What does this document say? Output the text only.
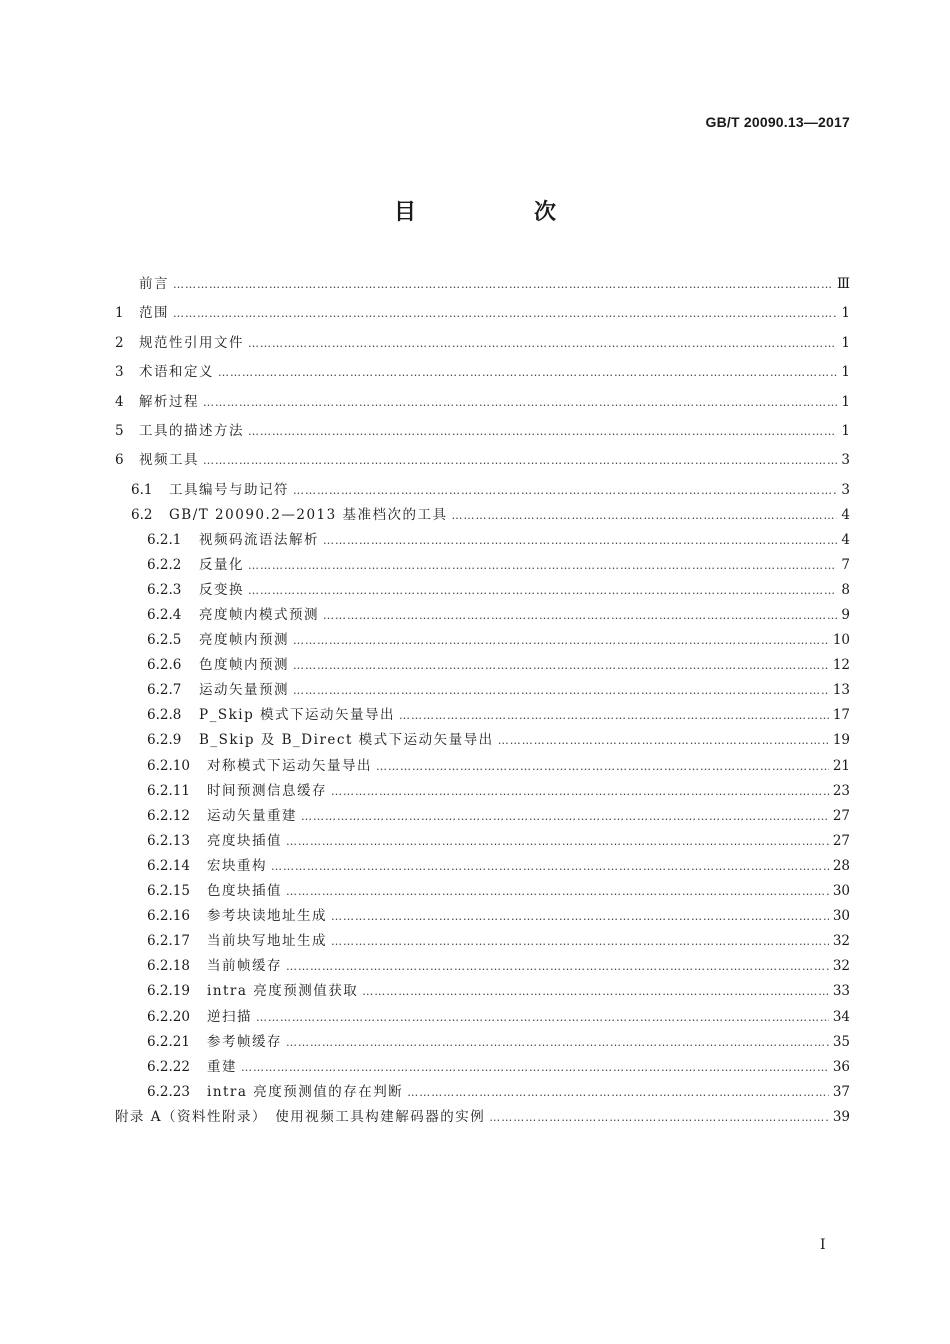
GB/T 20090.13—2017
目　次
前言 …………………………………………………………………………………………………………………………………………………………………………………………………………	Ⅲ
1	范围 …………………………………………………………………………………………………………………………………………………………………………………………………………	1
2	规范性引用文件 …………………………………………………………………………………………………………………………………………………………………………………………………………	1
3	术语和定义 …………………………………………………………………………………………………………………………………………………………………………………………………………	1
4	解析过程 …………………………………………………………………………………………………………………………………………………………………………………………………………	1
5	工具的描述方法 …………………………………………………………………………………………………………………………………………………………………………………………………………	1
6	视频工具 …………………………………………………………………………………………………………………………………………………………………………………………………………	3
6.1	工具编号与助记符 …………………………………………………………………………………………………………………………………………………………………………………………………………	3
6.2	GB/T 20090.2—2013 基准档次的工具 …………………………………………………………………………………………………………………………………………………………………………………………………………	4
6.2.1	视频码流语法解析 …………………………………………………………………………………………………………………………………………………………………………………………………………	4
6.2.2	反量化 …………………………………………………………………………………………………………………………………………………………………………………………………………	7
6.2.3	反变换 …………………………………………………………………………………………………………………………………………………………………………………………………………	8
6.2.4	亮度帧内模式预测 …………………………………………………………………………………………………………………………………………………………………………………………………………	9
6.2.5	亮度帧内预测 …………………………………………………………………………………………………………………………………………………………………………………………………………	10
6.2.6	色度帧内预测 …………………………………………………………………………………………………………………………………………………………………………………………………………	12
6.2.7	运动矢量预测 …………………………………………………………………………………………………………………………………………………………………………………………………………	13
6.2.8	P_Skip 模式下运动矢量导出 …………………………………………………………………………………………………………………………………………………………………………………………………………	17
6.2.9	B_Skip 及 B_Direct 模式下运动矢量导出 …………………………………………………………………………………………………………………………………………………………………………………………………………	19
6.2.10	对称模式下运动矢量导出 …………………………………………………………………………………………………………………………………………………………………………………………………………	21
6.2.11	时间预测信息缓存 …………………………………………………………………………………………………………………………………………………………………………………………………………	23
6.2.12	运动矢量重建 …………………………………………………………………………………………………………………………………………………………………………………………………………	27
6.2.13	亮度块插值 …………………………………………………………………………………………………………………………………………………………………………………………………………	27
6.2.14	宏块重构 …………………………………………………………………………………………………………………………………………………………………………………………………………	28
6.2.15	色度块插值 …………………………………………………………………………………………………………………………………………………………………………………………………………	30
6.2.16	参考块读地址生成 …………………………………………………………………………………………………………………………………………………………………………………………………………	30
6.2.17	当前块写地址生成 …………………………………………………………………………………………………………………………………………………………………………………………………………	32
6.2.18	当前帧缓存 …………………………………………………………………………………………………………………………………………………………………………………………………………	32
6.2.19	intra 亮度预测值获取 …………………………………………………………………………………………………………………………………………………………………………………………………………	33
6.2.20	逆扫描 …………………………………………………………………………………………………………………………………………………………………………………………………………	34
6.2.21	参考帧缓存 …………………………………………………………………………………………………………………………………………………………………………………………………………	35
6.2.22	重建 …………………………………………………………………………………………………………………………………………………………………………………………………………	36
6.2.23	intra 亮度预测值的存在判断 …………………………………………………………………………………………………………………………………………………………………………………………………………	37
附录 A（资料性附录）　使用视频工具构建解码器的实例 …………………………………………………………………………………………………………………………………………………………………………………………………………	39
I
